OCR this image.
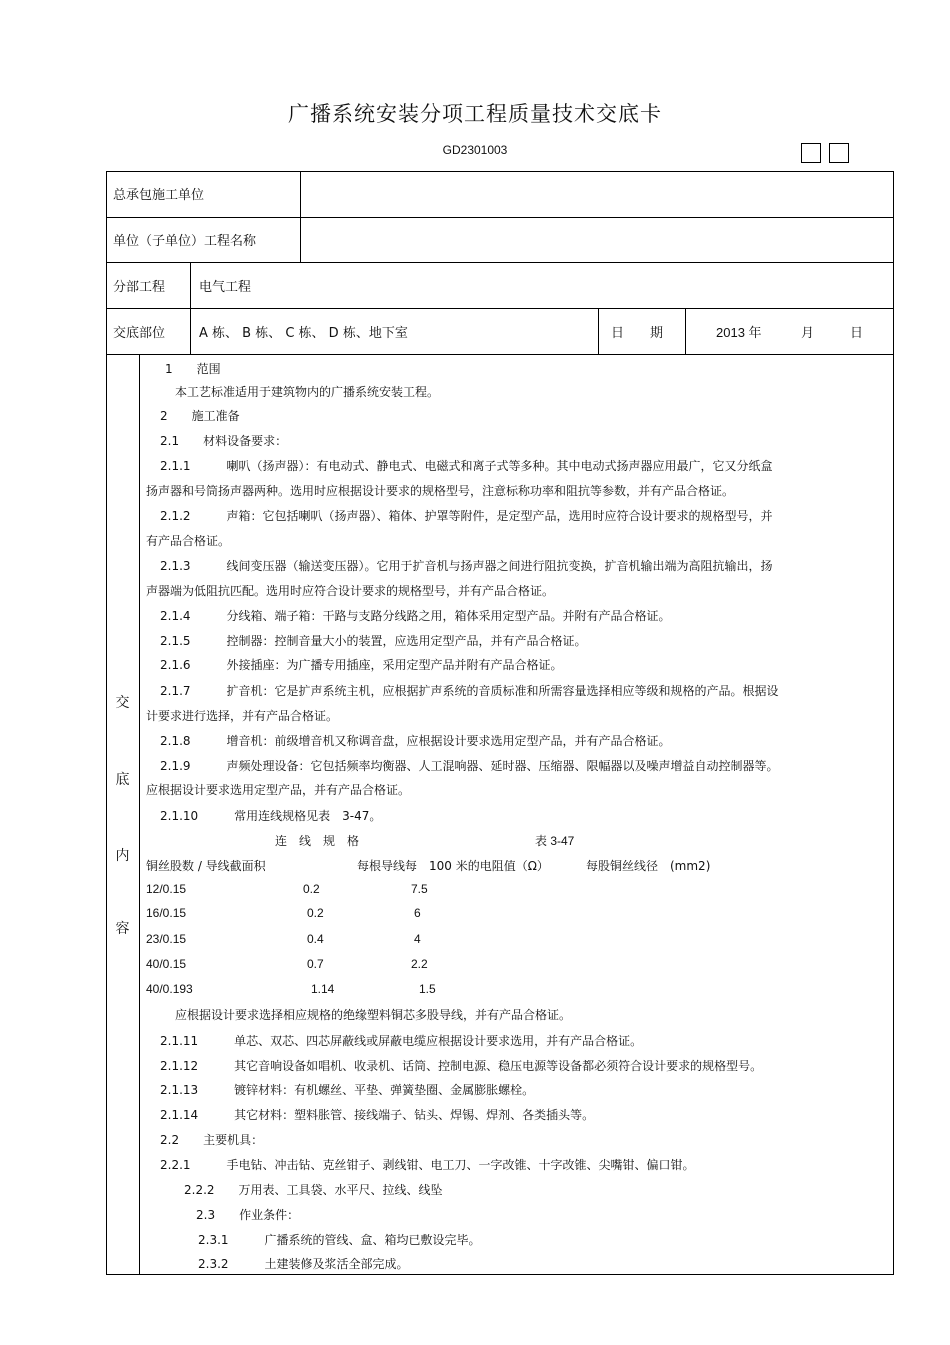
广播系统安装分项工程质量技术交底卡
GD2301003
总承包施工单位
单位（子单位）工程名称
分部工程	电气工程
交底部位	A 栋、 B 栋、 C 栋、 D 栋、地下室	日　　期	2013 年	月	日
交
底
内
容
1　　范围
本工艺标准适用于建筑物内的广播系统安装工程。
2　　施工准备
2.1　　材料设备要求：
2.1.1　　　喇叭（扬声器）：有电动式、静电式、电磁式和离子式等多种。其中电动式扬声器应用最广，它又分纸盒
扬声器和号筒扬声器两种。选用时应根据设计要求的规格型号，注意标称功率和阻抗等参数，并有产品合格证。
2.1.2　　　声箱：它包括喇叭（扬声器）、箱体、护罩等附件，是定型产品，选用时应符合设计要求的规格型号，并
有产品合格证。
2.1.3　　　线间变压器（输送变压器）。它用于扩音机与扬声器之间进行阻抗变换，扩音机输出端为高阻抗输出，扬
声器端为低阻抗匹配。选用时应符合设计要求的规格型号，并有产品合格证。
2.1.4　　　分线箱、端子箱：干路与支路分线路之用，箱体采用定型产品。并附有产品合格证。
2.1.5　　　控制器：控制音量大小的装置，应选用定型产品，并有产品合格证。
2.1.6　　　外接插座：为广播专用插座，采用定型产品并附有产品合格证。
2.1.7　　　扩音机：它是扩声系统主机，应根据扩声系统的音质标准和所需容量选择相应等级和规格的产品。根据设
计要求进行选择，并有产品合格证。
2.1.8　　　增音机：前级增音机又称调音盘，应根据设计要求选用定型产品，并有产品合格证。
2.1.9　　　声频处理设备：它包括频率均衡器、人工混响器、延时器、压缩器、限幅器以及噪声增益自动控制器等。
应根据设计要求选用定型产品，并有产品合格证。
2.1.10　　　常用连线规格见表　3-47。
连　线　规　格	表 3-47
铜丝股数 / 导线截面积	每根导线每　100 米的电阻值（Ω）	每股铜丝线径　(mm2)
12/0.15	0.2	7.5
16/0.15	0.2	6
23/0.15	0.4	4
40/0.15	0.7	2.2
40/0.193	1.14	1.5
应根据设计要求选择相应规格的绝缘塑料铜芯多股导线，并有产品合格证。
2.1.11　　　单芯、双芯、四芯屏蔽线或屏蔽电缆应根据设计要求选用，并有产品合格证。
2.1.12　　　其它音响设备如唱机、收录机、话筒、控制电源、稳压电源等设备都必须符合设计要求的规格型号。
2.1.13　　　镀锌材料：有机螺丝、平垫、弹簧垫圈、金属膨胀螺栓。
2.1.14　　　其它材料：塑料胀管、接线端子、钻头、焊锡、焊剂、各类插头等。
2.2　　主要机具：
2.2.1　　　手电钻、冲击钻、克丝钳子、剥线钳、电工刀、一字改锥、十字改锥、尖嘴钳、偏口钳。
2.2.2　　万用表、工具袋、水平尺、拉线、线坠
2.3　　作业条件：
2.3.1　　　广播系统的管线、盒、箱均已敷设完毕。
2.3.2　　　土建装修及浆活全部完成。
